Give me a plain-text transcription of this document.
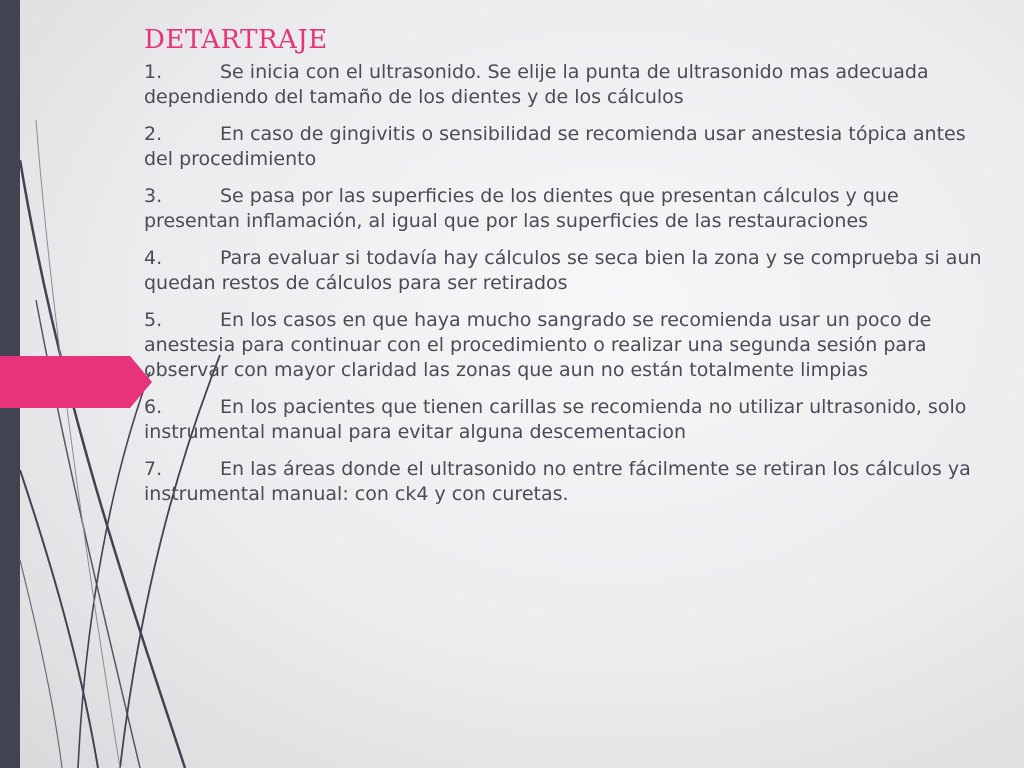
DETARTRAJE
1.	Se inicia con el ultrasonido. Se elije la punta de ultrasonido mas adecuada dependiendo del tamaño de los dientes y de los cálculos
2.	En caso de gingivitis o sensibilidad se recomienda usar anestesia tópica antes del procedimiento
3.	Se pasa por las superficies de los dientes que presentan cálculos y que presentan inflamación, al igual que por las superficies de las restauraciones
4.	Para evaluar si todavía hay cálculos se seca bien la zona y se comprueba si aun quedan restos de cálculos para ser retirados
5.	En los casos en que haya mucho sangrado se recomienda usar un poco de anestesia para continuar con el procedimiento o realizar una segunda sesión para observar con mayor claridad las zonas que aun no están totalmente limpias
6.	En los pacientes que tienen carillas se recomienda no utilizar ultrasonido, solo instrumental manual para evitar alguna descementacion
7.	En las áreas donde el ultrasonido no entre fácilmente se retiran los cálculos ya instrumental manual: con ck4 y con curetas.
